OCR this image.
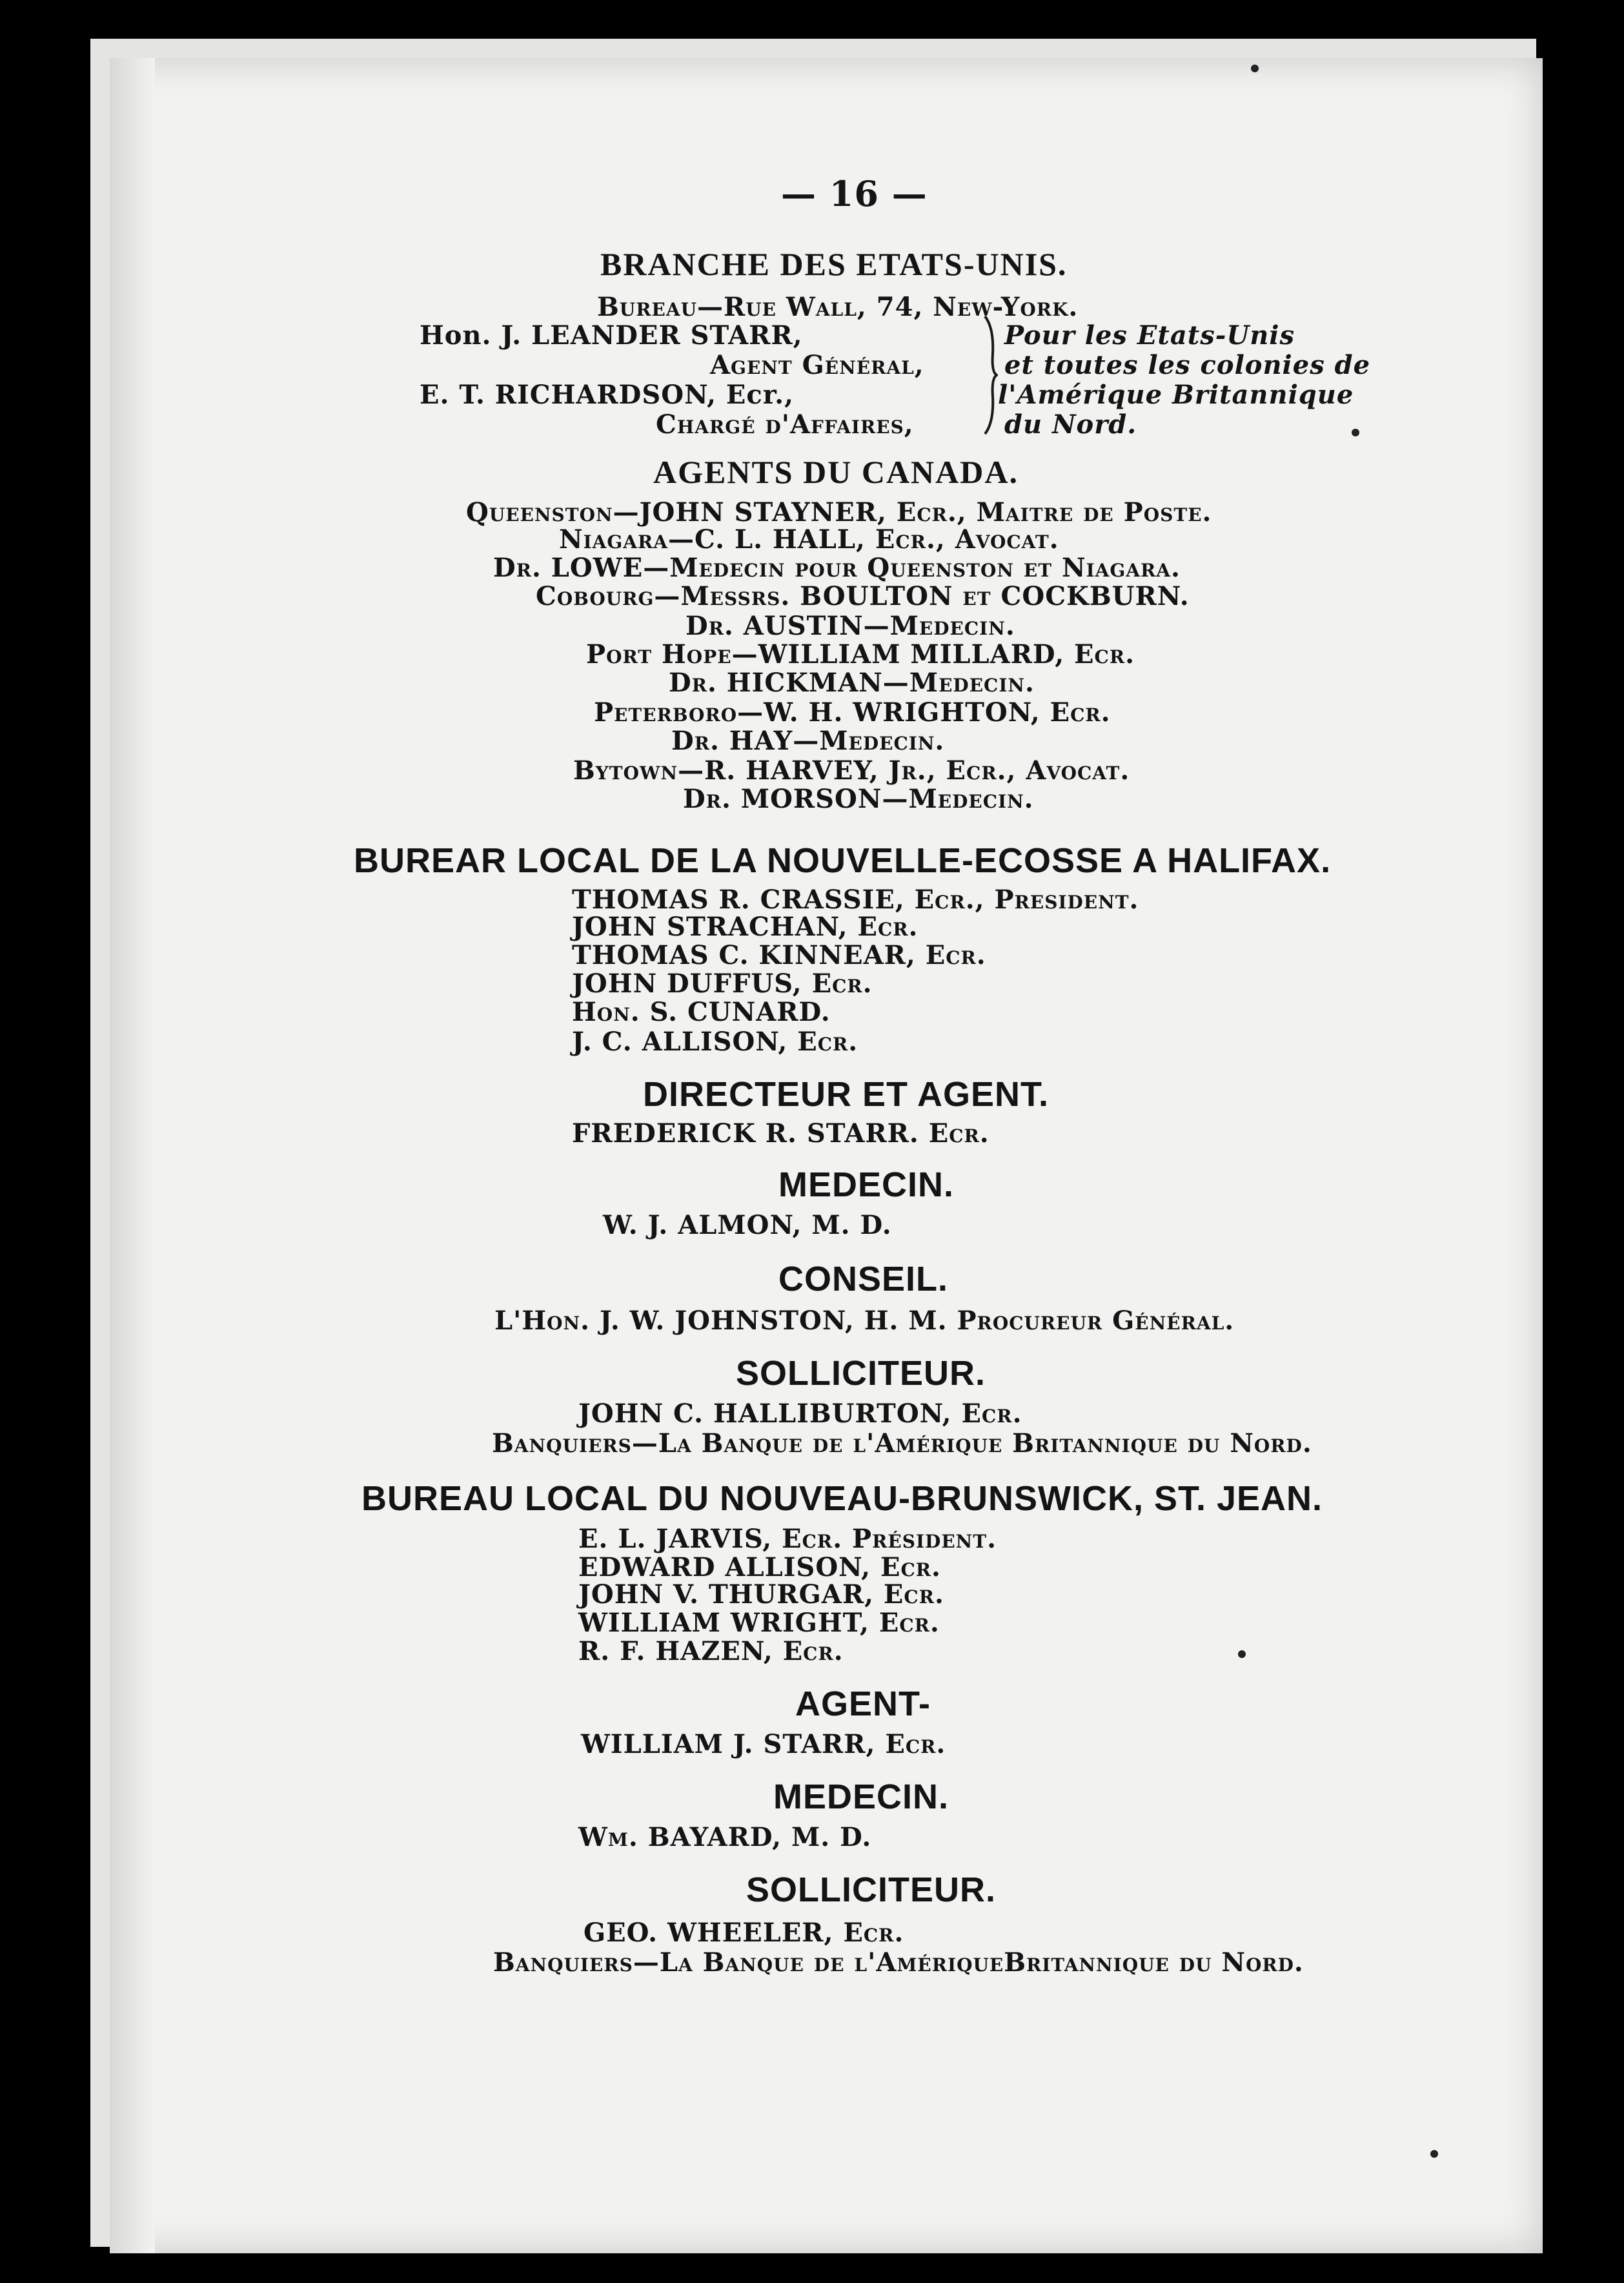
— 16 —
BRANCHE DES ETATS-UNIS.
Bureau—Rue Wall, 74, New-York.
Hon. J. LEANDER STARR,
Agent Général,
E. T. RICHARDSON, Ecr.,
Chargé d'Affaires,
Pour les Etats-Unis
et toutes les colonies de
l'Amérique Britannique
du Nord.
AGENTS DU CANADA.
Queenston—JOHN STAYNER, Ecr., Maitre de Poste.
Niagara—C. L. HALL, Ecr., Avocat.
Dr. LOWE—Medecin pour Queenston et Niagara.
Cobourg—Messrs. BOULTON et COCKBURN.
Dr. AUSTIN—Medecin.
Port Hope—WILLIAM MILLARD, Ecr.
Dr. HICKMAN—Medecin.
Peterboro—W. H. WRIGHTON, Ecr.
Dr. HAY—Medecin.
Bytown—R. HARVEY, Jr., Ecr., Avocat.
Dr. MORSON—Medecin.
BUREAR LOCAL DE LA NOUVELLE-ECOSSE A HALIFAX.
THOMAS R. CRASSIE, Ecr., President.
JOHN STRACHAN, Ecr.
THOMAS C. KINNEAR, Ecr.
JOHN DUFFUS, Ecr.
Hon. S. CUNARD.
J. C. ALLISON, Ecr.
DIRECTEUR ET AGENT.
FREDERICK R. STARR. Ecr.
MEDECIN.
W. J. ALMON, M. D.
CONSEIL.
L'Hon. J. W. JOHNSTON, H. M. Procureur Général.
SOLLICITEUR.
JOHN C. HALLIBURTON, Ecr.
Banquiers—La Banque de l'Amérique Britannique du Nord.
BUREAU LOCAL DU NOUVEAU-BRUNSWICK, ST. JEAN.
E. L. JARVIS, Ecr. Président.
EDWARD ALLISON, Ecr.
JOHN V. THURGAR, Ecr.
WILLIAM WRIGHT, Ecr.
R. F. HAZEN, Ecr.
AGENT-
WILLIAM J. STARR, Ecr.
MEDECIN.
Wm. BAYARD, M. D.
SOLLICITEUR.
GEO. WHEELER, Ecr.
Banquiers—La Banque de l'AmériqueBritannique du Nord.
